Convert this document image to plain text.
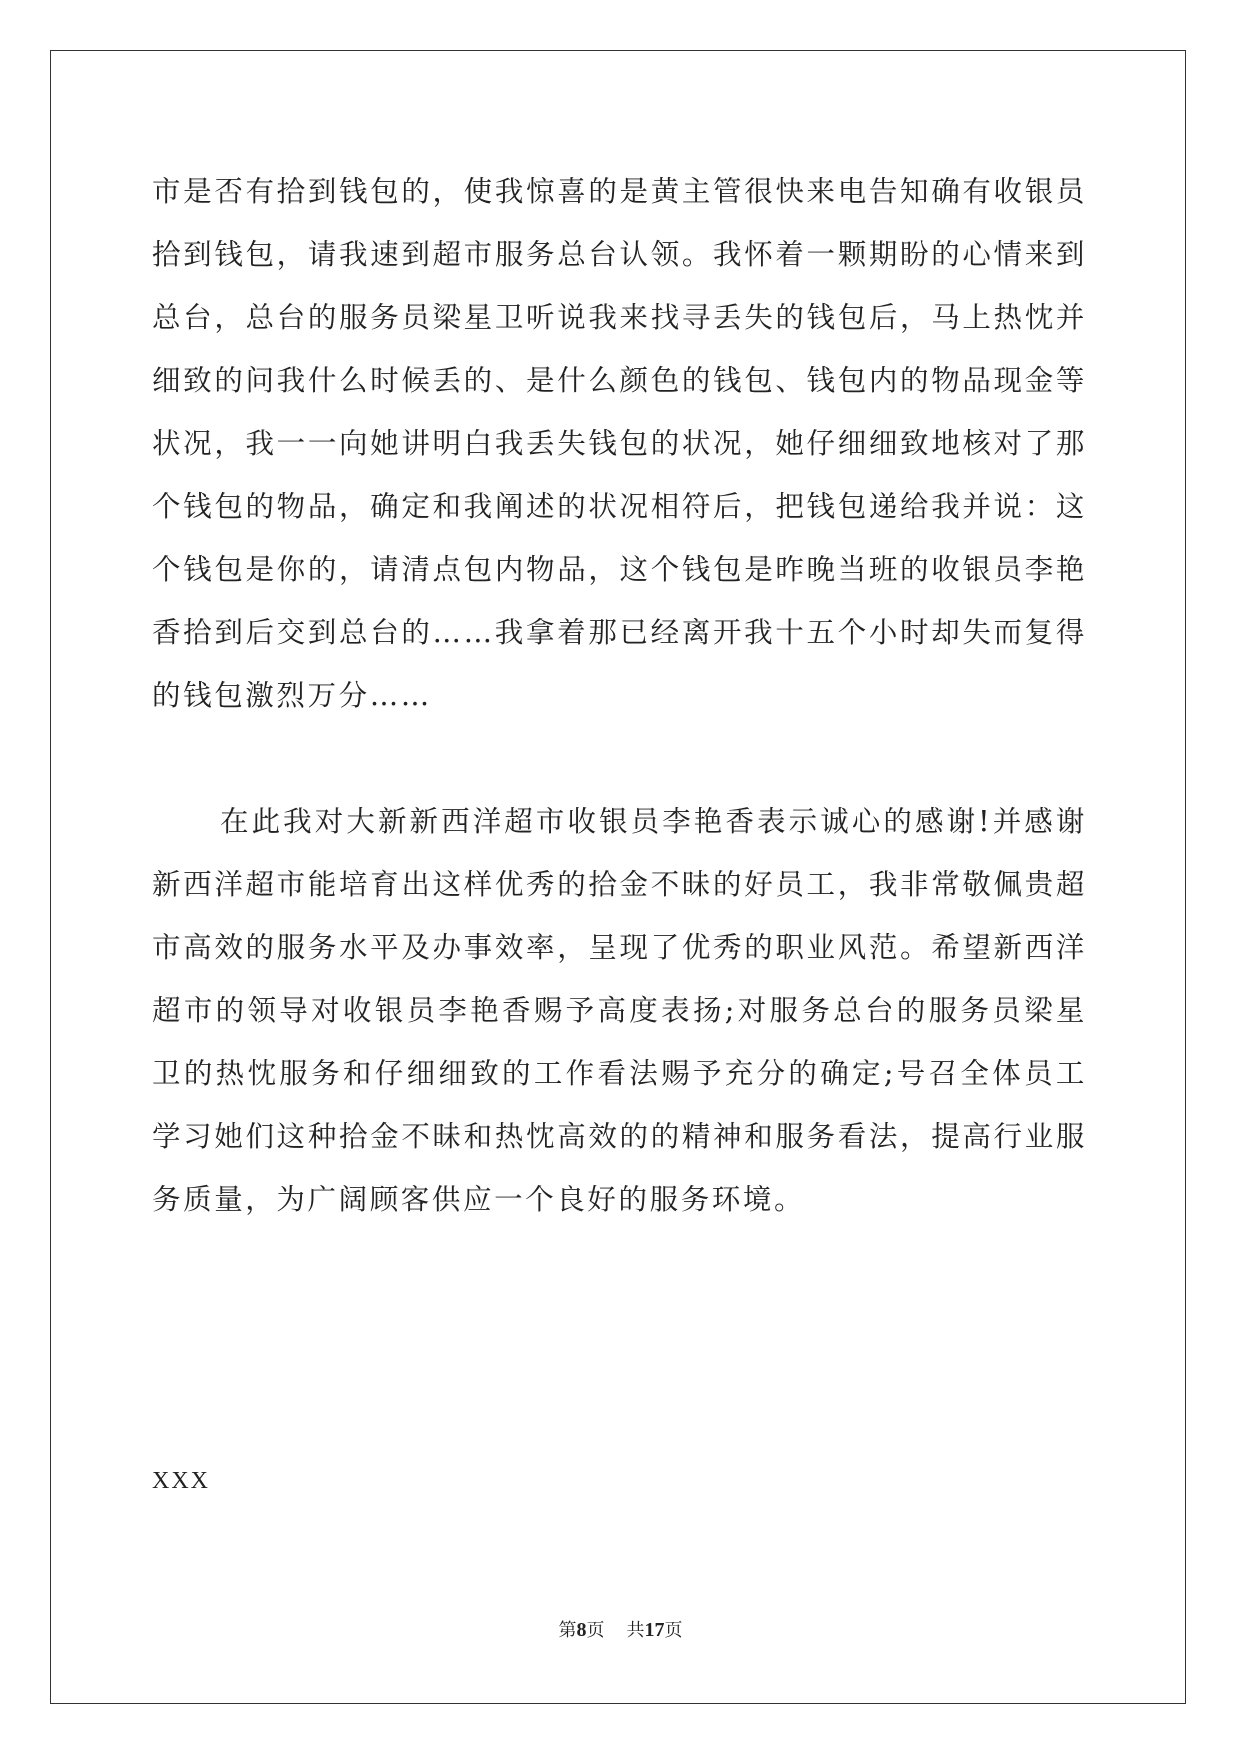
市是否有拾到钱包的，使我惊喜的是黄主管很快来电告知确有收银员拾到钱包，请我速到超市服务总台认领。我怀着一颗期盼的心情来到总台，总台的服务员梁星卫听说我来找寻丢失的钱包后，马上热忱并细致的问我什么时候丢的、是什么颜色的钱包、钱包内的物品现金等状况，我一一向她讲明白我丢失钱包的状况，她仔细细致地核对了那个钱包的物品，确定和我阐述的状况相符后，把钱包递给我并说：这个钱包是你的，请清点包内物品，这个钱包是昨晚当班的收银员李艳香拾到后交到总台的……我拿着那已经离开我十五个小时却失而复得的钱包激烈万分……

在此我对大新新西洋超市收银员李艳香表示诚心的感谢!并感谢新西洋超市能培育出这样优秀的拾金不昧的好员工，我非常敬佩贵超市高效的服务水平及办事效率，呈现了优秀的职业风范。希望新西洋超市的领导对收银员李艳香赐予高度表扬;对服务总台的服务员梁星卫的热忱服务和仔细细致的工作看法赐予充分的确定;号召全体员工学习她们这种拾金不昧和热忱高效的的精神和服务看法，提高行业服务质量，为广阔顾客供应一个良好的服务环境。

XXX
第8页 共17页
